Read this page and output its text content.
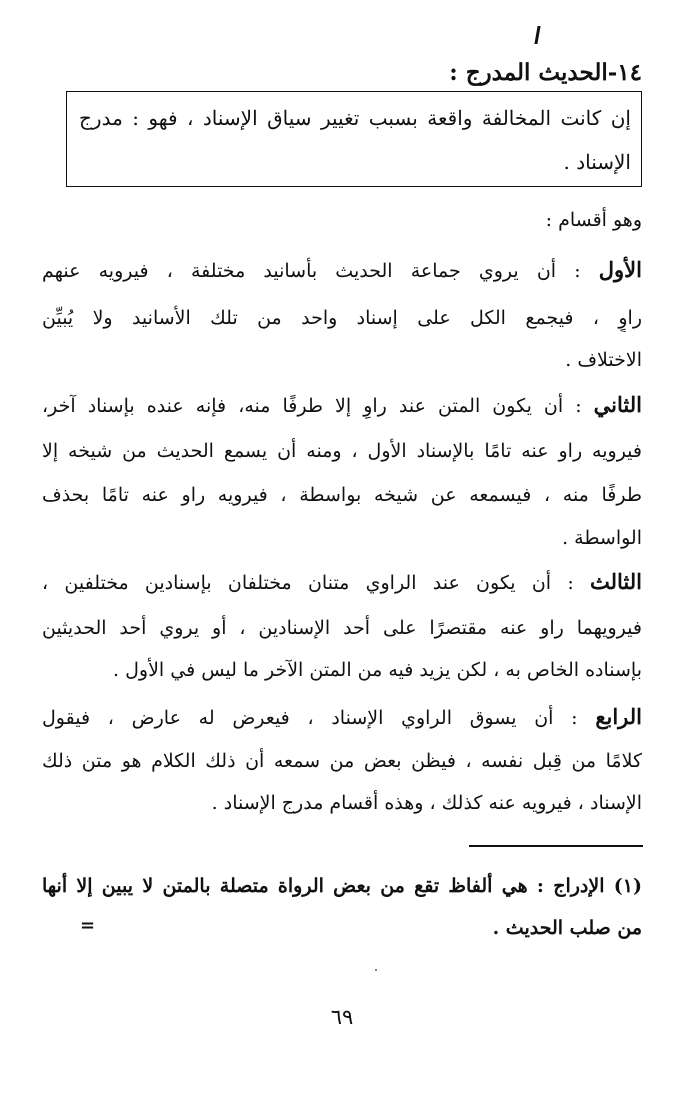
١٤-الحديث المدرج :
إن كانت المخالفة واقعة بسبب تغيير سياق الإسناد ، فهو : مدرج
الإسناد .
وهو أقسام :
الأول : أن يروي جماعة الحديث بأسانيد مختلفة ، فيرويه عنهم
راوٍ ، فيجمع الكل على إسناد واحد من تلك الأسانيد ولا يُبيِّن
الاختلاف .
الثاني : أن يكون المتن عند راوٍ إلا طرفًا منه، فإنه عنده بإسناد آخر،
فيرويه راو عنه تامًا بالإسناد الأول ، ومنه أن يسمع الحديث من شيخه إلا
طرفًا منه ، فيسمعه عن شيخه بواسطة ، فيرويه راو عنه تامًا بحذف
الواسطة .
الثالث : أن يكون عند الراوي متنان مختلفان بإسنادين مختلفين ،
فيرويهما راو عنه مقتصرًا على أحد الإسنادين ، أو يروي أحد الحديثين
بإسناده الخاص به ، لكن يزيد فيه من المتن الآخر ما ليس في الأول .
الرابع : أن يسوق الراوي الإسناد ، فيعرض له عارض ، فيقول
كلامًا من قِبل نفسه ، فيظن بعض من سمعه أن ذلك الكلام هو متن ذلك
الإسناد ، فيرويه عنه كذلك ، وهذه أقسام مدرج الإسناد .
(١) الإدراج : هي ألفاظ تقع من بعض الرواة متصلة بالمتن لا يبين إلا أنها
من صلب الحديث .
=
٦٩
